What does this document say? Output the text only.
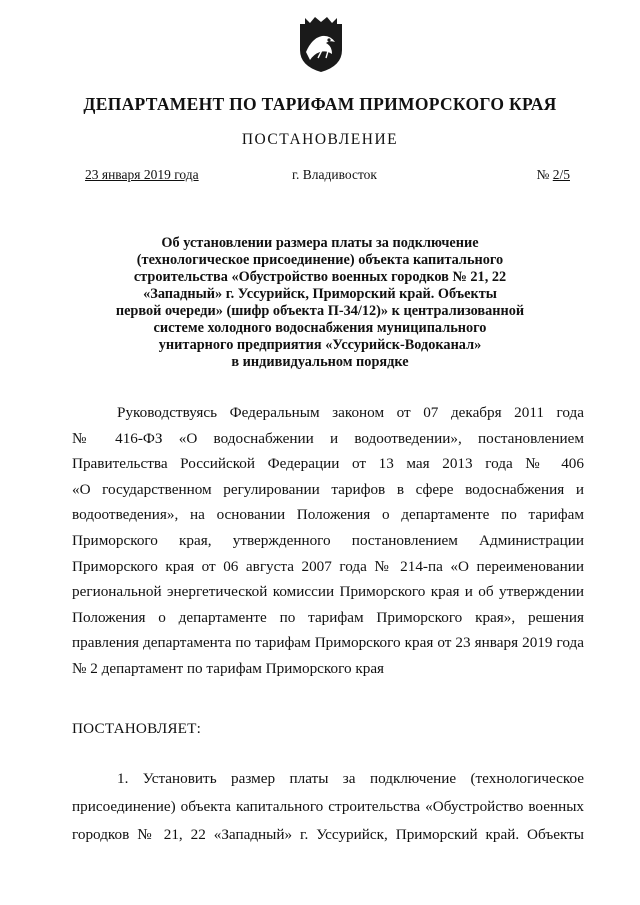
ДЕПАРТАМЕНТ ПО ТАРИФАМ ПРИМОРСКОГО КРАЯ
ПОСТАНОВЛЕНИЕ
23 января 2019 года	г. Владивосток	№ 2/5
Об установлении размера платы за подключение
(технологическое присоединение) объекта капитального
строительства «Обустройство военных городков № 21, 22
«Западный» г. Уссурийск, Приморский край. Объекты
первой очереди» (шифр объекта П-34/12)» к централизованной
системе холодного водоснабжения муниципального
унитарного предприятия «Уссурийск-Водоканал»
в индивидуальном порядке
Руководствуясь Федеральным законом от 07 декабря 2011 года
№ 416-ФЗ «О водоснабжении и водоотведении», постановлением
Правительства Российской Федерации от 13 мая 2013 года № 406
«О государственном регулировании тарифов в сфере водоснабжения и
водоотведения», на основании Положения о департаменте по тарифам
Приморского края, утвержденного постановлением Администрации
Приморского края от 06 августа 2007 года № 214-па «О переименовании
региональной энергетической комиссии Приморского края и об утверждении
Положения о департаменте по тарифам Приморского края», решения
правления департамента по тарифам Приморского края от 23 января 2019 года
№ 2 департамент по тарифам Приморского края
ПОСТАНОВЛЯЕТ:
1. Установить размер платы за подключение (технологическое
присоединение) объекта капитального строительства «Обустройство военных
городков № 21, 22 «Западный» г. Уссурийск, Приморский край. Объекты
